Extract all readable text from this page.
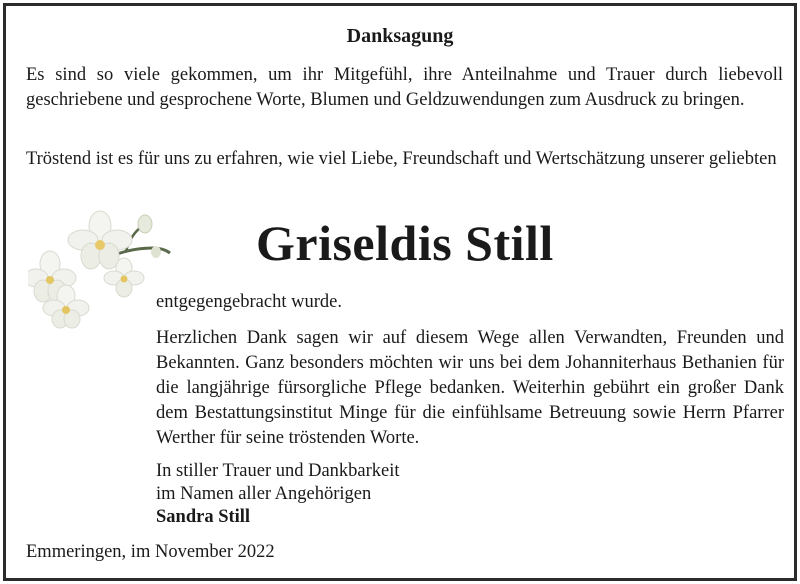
Danksagung
Es sind so viele gekommen, um ihr Mitgefühl, ihre Anteilnahme und Trauer durch liebevoll geschriebene und gesprochene Worte, Blumen und Geldzuwendungen zum Ausdruck zu bringen.
Tröstend ist es für uns zu erfahren, wie viel Liebe, Freundschaft und Wertschätzung unserer geliebten
Griseldis Still
entgegengebracht wurde.
Herzlichen Dank sagen wir auf diesem Wege allen Verwandten, Freunden und Bekannten. Ganz besonders möchten wir uns bei dem Johanniterhaus Bethanien für die langjährige fürsorgliche Pflege bedanken. Weiterhin gebührt ein großer Dank dem Bestattungsinstitut Minge für die einfühlsame Betreuung sowie Herrn Pfarrer Werther für seine tröstenden Worte.
In stiller Trauer und Dankbarkeit
im Namen aller Angehörigen
Sandra Still
Emmeringen, im November 2022
